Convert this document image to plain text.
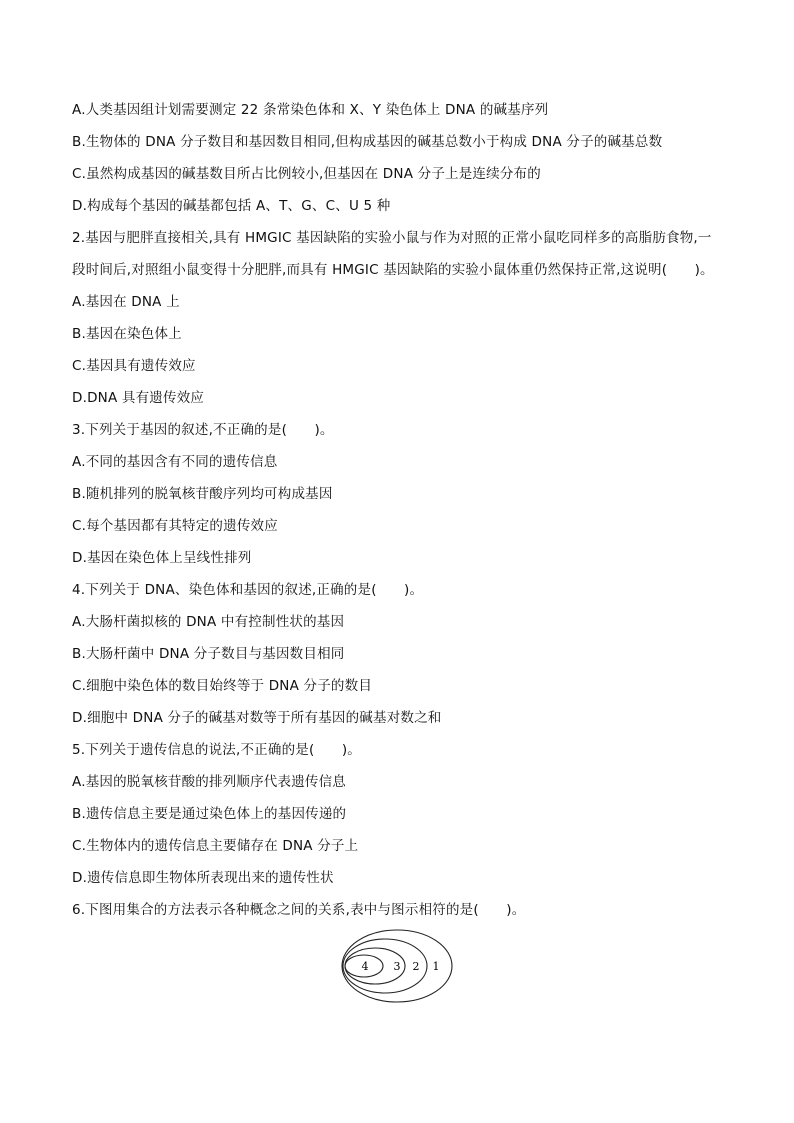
A.人类基因组计划需要测定 22 条常染色体和 X、Y 染色体上 DNA 的碱基序列
B.生物体的 DNA 分子数目和基因数目相同,但构成基因的碱基总数小于构成 DNA 分子的碱基总数
C.虽然构成基因的碱基数目所占比例较小,但基因在 DNA 分子上是连续分布的
D.构成每个基因的碱基都包括 A、T、G、C、U 5 种
2.基因与肥胖直接相关,具有 HMGIC 基因缺陷的实验小鼠与作为对照的正常小鼠吃同样多的高脂肪食物,一
段时间后,对照组小鼠变得十分肥胖,而具有 HMGIC 基因缺陷的实验小鼠体重仍然保持正常,这说明(　　)。
A.基因在 DNA 上
B.基因在染色体上
C.基因具有遗传效应
D.DNA 具有遗传效应
3.下列关于基因的叙述,不正确的是(　　)。
A.不同的基因含有不同的遗传信息
B.随机排列的脱氧核苷酸序列均可构成基因
C.每个基因都有其特定的遗传效应
D.基因在染色体上呈线性排列
4.下列关于 DNA、染色体和基因的叙述,正确的是(　　)。
A.大肠杆菌拟核的 DNA 中有控制性状的基因
B.大肠杆菌中 DNA 分子数目与基因数目相同
C.细胞中染色体的数目始终等于 DNA 分子的数目
D.细胞中 DNA 分子的碱基对数等于所有基因的碱基对数之和
5.下列关于遗传信息的说法,不正确的是(　　)。
A.基因的脱氧核苷酸的排列顺序代表遗传信息
B.遗传信息主要是通过染色体上的基因传递的
C.生物体内的遗传信息主要储存在 DNA 分子上
D.遗传信息即生物体所表现出来的遗传性状
6.下图用集合的方法表示各种概念之间的关系,表中与图示相符的是(　　)。
4 3 2 1
